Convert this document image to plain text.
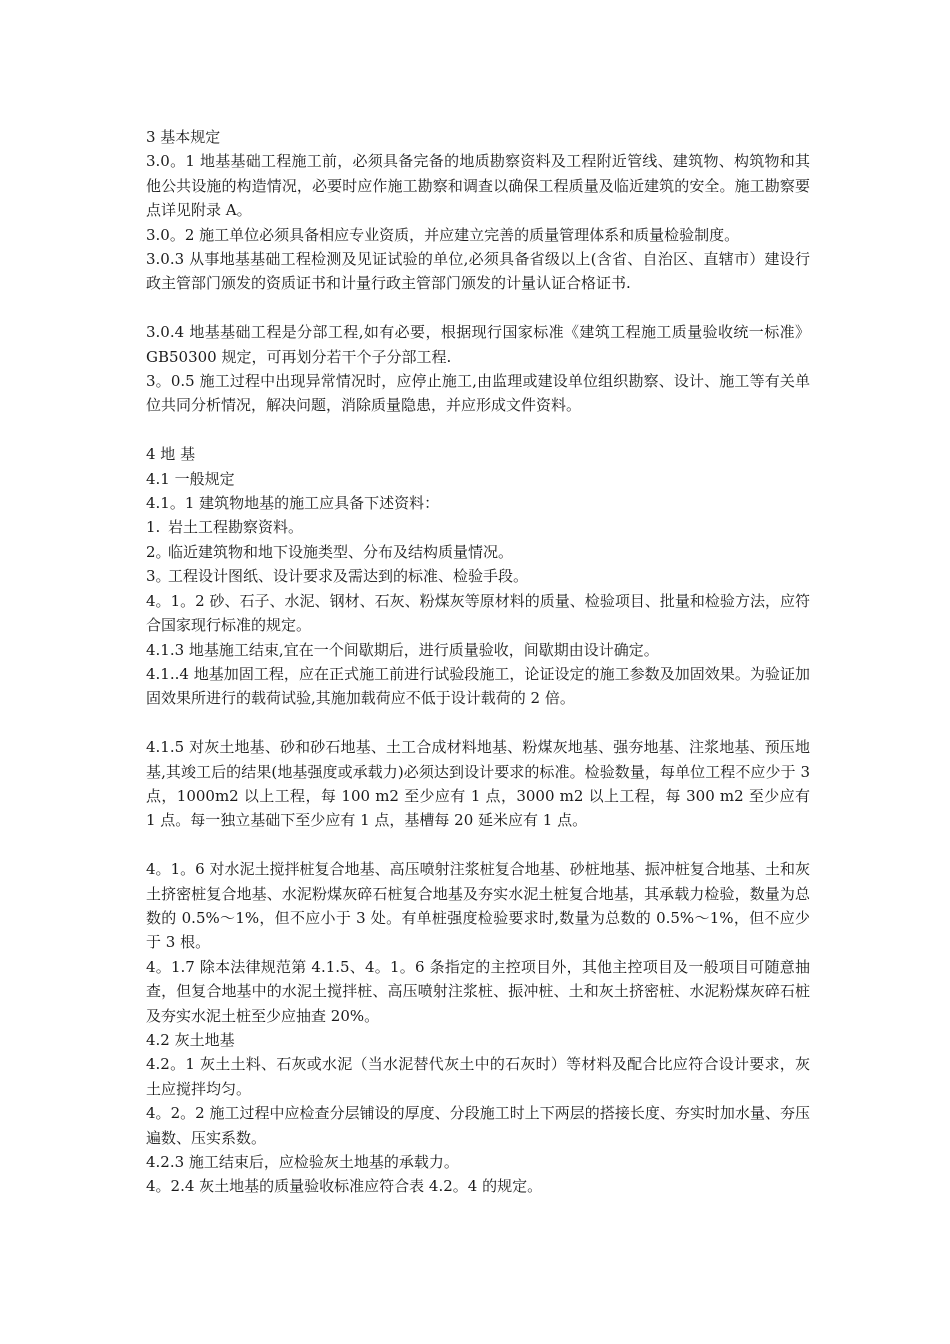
3 基本规定

3.0。1 地基基础工程施工前，必须具备完备的地质勘察资料及工程附近管线、建筑物、构筑物和其他公共设施的构造情况，必要时应作施工勘察和调查以确保工程质量及临近建筑的安全。施工勘察要点详见附录 A。

3.0。2 施工单位必须具备相应专业资质，并应建立完善的质量管理体系和质量检验制度。

3.0.3 从事地基基础工程检测及见证试验的单位,必须具备省级以上(含省、自治区、直辖市）建设行政主管部门颁发的资质证书和计量行政主管部门颁发的计量认证合格证书.

3.0.4 地基基础工程是分部工程,如有必要，根据现行国家标准《建筑工程施工质量验收统一标准》GB50300 规定，可再划分若干个子分部工程.

3。0.5 施工过程中出现异常情况时，应停止施工,由监理或建设单位组织勘察、设计、施工等有关单位共同分析情况，解决问题，消除质量隐患，并应形成文件资料。

4 地 基

4.1 一般规定

4.1。1 建筑物地基的施工应具备下述资料：

1. 岩土工程勘察资料。

2。临近建筑物和地下设施类型、分布及结构质量情况。

3。工程设计图纸、设计要求及需达到的标准、检验手段。

4。1。2 砂、石子、水泥、钢材、石灰、粉煤灰等原材料的质量、检验项目、批量和检验方法，应符合国家现行标准的规定。

4.1.3 地基施工结束,宜在一个间歇期后，进行质量验收，间歇期由设计确定。

4.1..4 地基加固工程，应在正式施工前进行试验段施工，论证设定的施工参数及加固效果。为验证加固效果所进行的载荷试验,其施加载荷应不低于设计载荷的 2 倍。

4.1.5 对灰土地基、砂和砂石地基、土工合成材料地基、粉煤灰地基、强夯地基、注浆地基、预压地基,其竣工后的结果(地基强度或承载力)必须达到设计要求的标准。检验数量，每单位工程不应少于 3 点，1000m2 以上工程，每 100 m2 至少应有 1 点，3000 m2 以上工程，每 300 m2 至少应有 1 点。每一独立基础下至少应有 1 点，基槽每 20 延米应有 1 点。

4。1。6 对水泥土搅拌桩复合地基、高压喷射注浆桩复合地基、砂桩地基、振冲桩复合地基、土和灰土挤密桩复合地基、水泥粉煤灰碎石桩复合地基及夯实水泥土桩复合地基，其承载力检验，数量为总数的 0.5%～1%，但不应小于 3 处。有单桩强度检验要求时,数量为总数的 0.5%～1%，但不应少于 3 根。

4。1.7 除本法律规范第 4.1.5、4。1。6 条指定的主控项目外，其他主控项目及一般项目可随意抽查，但复合地基中的水泥土搅拌桩、高压喷射注浆桩、振冲桩、土和灰土挤密桩、水泥粉煤灰碎石桩及夯实水泥土桩至少应抽查 20%。

4.2 灰土地基

4.2。1 灰土土料、石灰或水泥（当水泥替代灰土中的石灰时）等材料及配合比应符合设计要求，灰土应搅拌均匀。

4。2。2 施工过程中应检查分层铺设的厚度、分段施工时上下两层的搭接长度、夯实时加水量、夯压遍数、压实系数。

4.2.3 施工结束后，应检验灰土地基的承载力。

4。2.4 灰土地基的质量验收标准应符合表 4.2。4 的规定。
